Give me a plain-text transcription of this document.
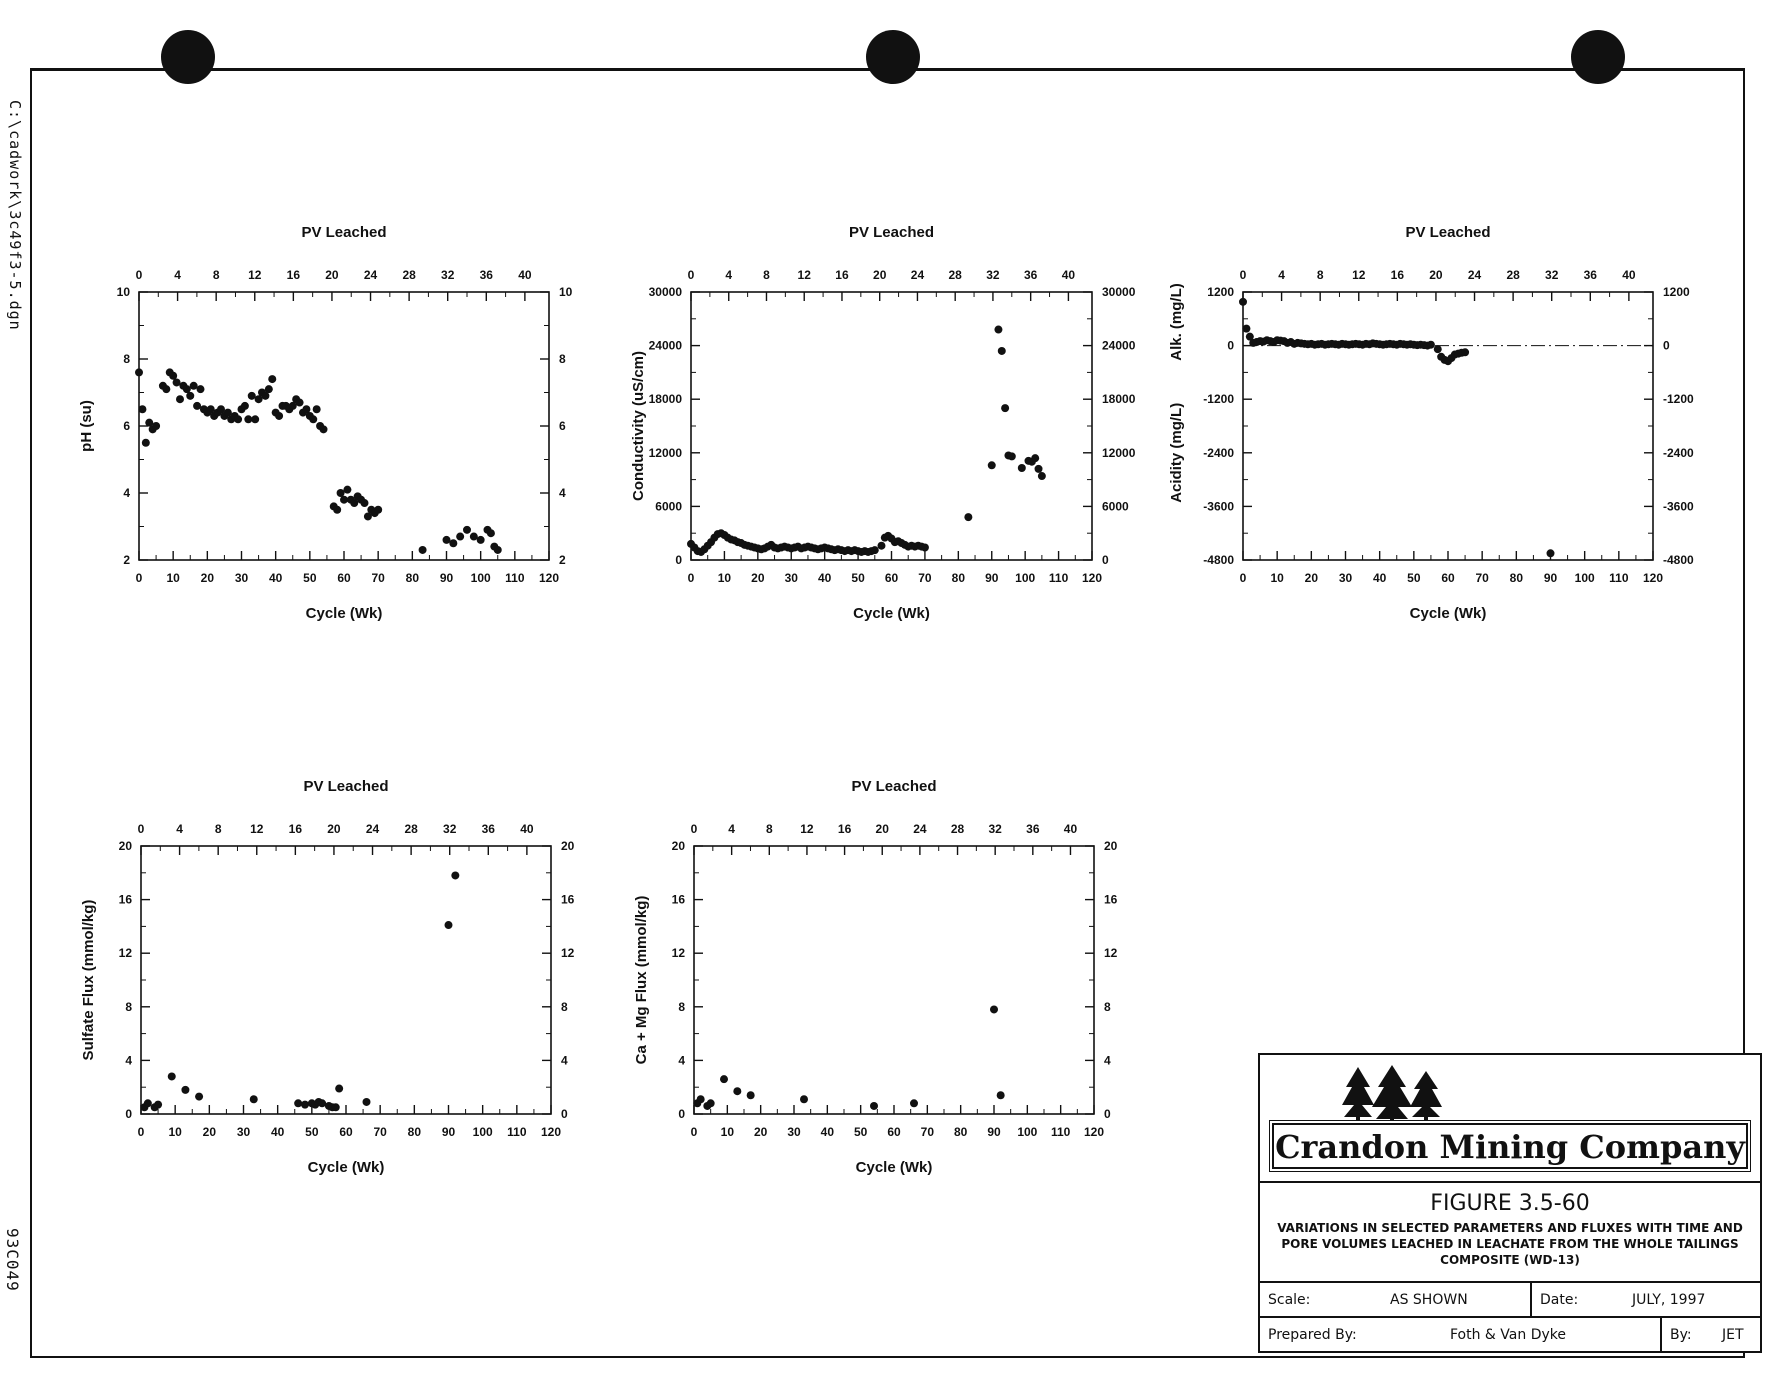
C:\cadwork\3c49f3-5.dgn
93C049
0 10 20 30 40 50 60 70 80 90 100 110 120
0	4	8 12 16 20 24 28 32 36 40
PV Leached
2	2
4	4
6	6
8	8
10	10
Cycle (Wk)
pH (su)
0 10 20 30 40 50 60 70 80 90 100 110 120
0	4	8 12 16 20 24 28 32 36 40
PV Leached
0	0
6000	6000
12000	12000
18000	18000
24000	24000
30000	30000
Cycle (Wk)
Conductivity (uS/cm)
0 10 20 30 40 50 60 70 80 90 100 110 120
0	4	8 12 16 20 24 28 32 36 40
PV Leached
-4800	-4800
-3600	-3600
-2400	-2400
-1200	-1200
0	0
1200	1200
Cycle (Wk)
Acidity (mg/L)
Alk. (mg/L)
0 10 20 30 40 50 60 70 80 90 100 110 120
0	4	8 12 16 20 24 28 32 36 40
PV Leached
0	0
4	4
8	8
12	12
16	16
20	20
Cycle (Wk)
Sulfate Flux (mmol/kg)
0 10 20 30 40 50 60 70 80 90 100 110 120
0	4	8 12 16 20 24 28 32 36 40
PV Leached
0	0
4	4
8	8
12	12
16	16
20	20
Cycle (Wk)
Ca + Mg Flux (mmol/kg)
Crandon Mining Company
FIGURE 3.5-60
VARIATIONS IN SELECTED PARAMETERS AND FLUXES WITH TIME AND PORE VOLUMES LEACHED IN LEACHATE FROM THE WHOLE TAILINGS COMPOSITE (WD-13)
Scale:	AS SHOWN	Date:	JULY, 1997
Prepared By:	Foth & Van Dyke	By: JET
